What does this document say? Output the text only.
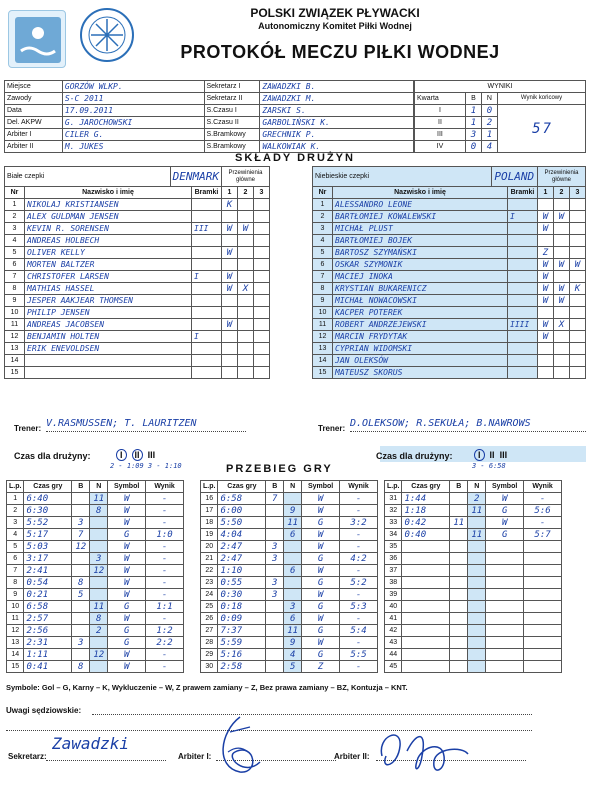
POLSKI ZWIĄZEK PŁYWACKI
Autonomiczny Komitet Piłki Wodnej
PROTOKÓŁ MECZU PIŁKI WODNEJ
Miejsce	GORZÓW WLKP.	Sekretarz I	ZAWADZKI B.
Zawody	S-C 2011	Sekretarz II	ZAWADZKI M.
Data	17.09.2011	S.Czasu I	ZARSKI S.
Del. AKPW	G. JAROCHOWSKI	S.Czasu II	GARBOLIŃSKI K.
Arbiter I	CILER G.	S.Bramkowy	GRECHNIK P.
Arbiter II	M. JUKES	S.Bramkowy	WALKOWIAK K.
WYNIKI			
Kwarta	B	N	Wynik końcowy
I	1	0	5 7
II	1	2	
III	3	1	
IV	0	4	
SKŁADY DRUŻYN
Białe czepki		DENMARK		Przewinienia główne		
Nr	Nazwisko i imię		Bramki	1	2	3
1	NIKOLAJ KRISTIANSEN			K		
2	ALEX GULDMAN JENSEN					
3	KEVIN R. SORENSEN		III	W	W	
4	ANDREAS HOLBECH					
5	OLIVER KELLY			W		
6	MORTEN BALTZER					
7	CHRISTOFER LARSEN		I	W		
8	MATHIAS HASSEL			W	X	
9	JESPER AAKJEAR THOMSEN					
10	PHILIP JENSEN					
11	ANDREAS JACOBSEN			W		
12	BENJAMIN HOLTEN		I			
13	ERIK ENEVOLDSEN					
14						
15						
Niebieskie czepki		POLAND		Przewinienia główne		
Nr	Nazwisko i imię		Bramki	1	2	3
1	ALESSANDRO LEONE					
2	BARTŁOMIEJ KOWALEWSKI		I	W	W	
3	MICHAŁ PLUST			W		
4	BARTŁOMIEJ BOJEK					
5	BARTOSZ SZYMAŃSKI			Z		
6	OSKAR SZYMONIK			W	W	W
7	MACIEJ INOKA			W		
8	KRYSTIAN BUKARENICZ			W	W	K
9	MICHAŁ NOWACOWSKI			W	W	
10	KACPER POTEREK					
11	ROBERT ANDRZEJEWSKI		IIII	W	X	
12	MARCIN FRYDYTAK			W		
13	CYPRIAN WIDOMSKI					
14	JAN OLEKSÓW					
15	MATEUSZ SKORUS					
Trener: V.RASMUSSEN; T. LAURITZEN	Trener: D.OLEKSÓW; R.SEKUŁA; B.NAWROWS
Czas dla drużyny:	I II III
2 - 1:09 3 - 1:10
Czas dla drużyny:	I II III
3 - 6:58
PRZEBIEG GRY
L.p.	Czas gry	B	N	Symbol	Wynik
1	6:40		11	W	-
2	6:30		8	W	-
3	5:52	3		W	-
4	5:17	7		G	1:0
5	5:03	12		W	-
6	3:17		3	W	-
7	2:41		12	W	-
8	0:54	8		W	-
9	0:21	5		W	-
10	6:58		11	G	1:1
11	2:57		8	W	-
12	2:56		2	G	1:2
13	2:31	3		G	2:2
14	1:11		12	W	-
15	0:41	8		W	-
L.p.	Czas gry	B	N	Symbol	Wynik
16	6:58	7		W	-
17	6:00		9	W	-
18	5:50		11	G	3:2
19	4:04		6	W	-
20	2:47	3		W	-
21	2:47	3		G	4:2
22	1:10		6	W	-
23	0:55	3		G	5:2
24	0:30	3		W	-
25	0:18		3	G	5:3
26	0:09		6	W	-
27	7:37		11	G	5:4
28	5:59		9	W	-
29	5:16		4	G	5:5
30	2:58		5	Z	-
L.p.	Czas gry	B	N	Symbol	Wynik
31	1:44		2	W	-
32	1:18		11	G	5:6
33	0:42	11		W	-
34	0:40		11	G	5:7
35					
36					
37					
38					
39					
40					
41					
42					
43					
44					
45					
Symbole: Gol – G, Karny – K, Wykluczenie – W, Z prawem zamiany – Z, Bez prawa zamiany – BZ, Kontuzja – KNT.
Uwagi sędziowskie:
Sekretarz:
Zawadzki
Arbiter I:	Arbiter II:
